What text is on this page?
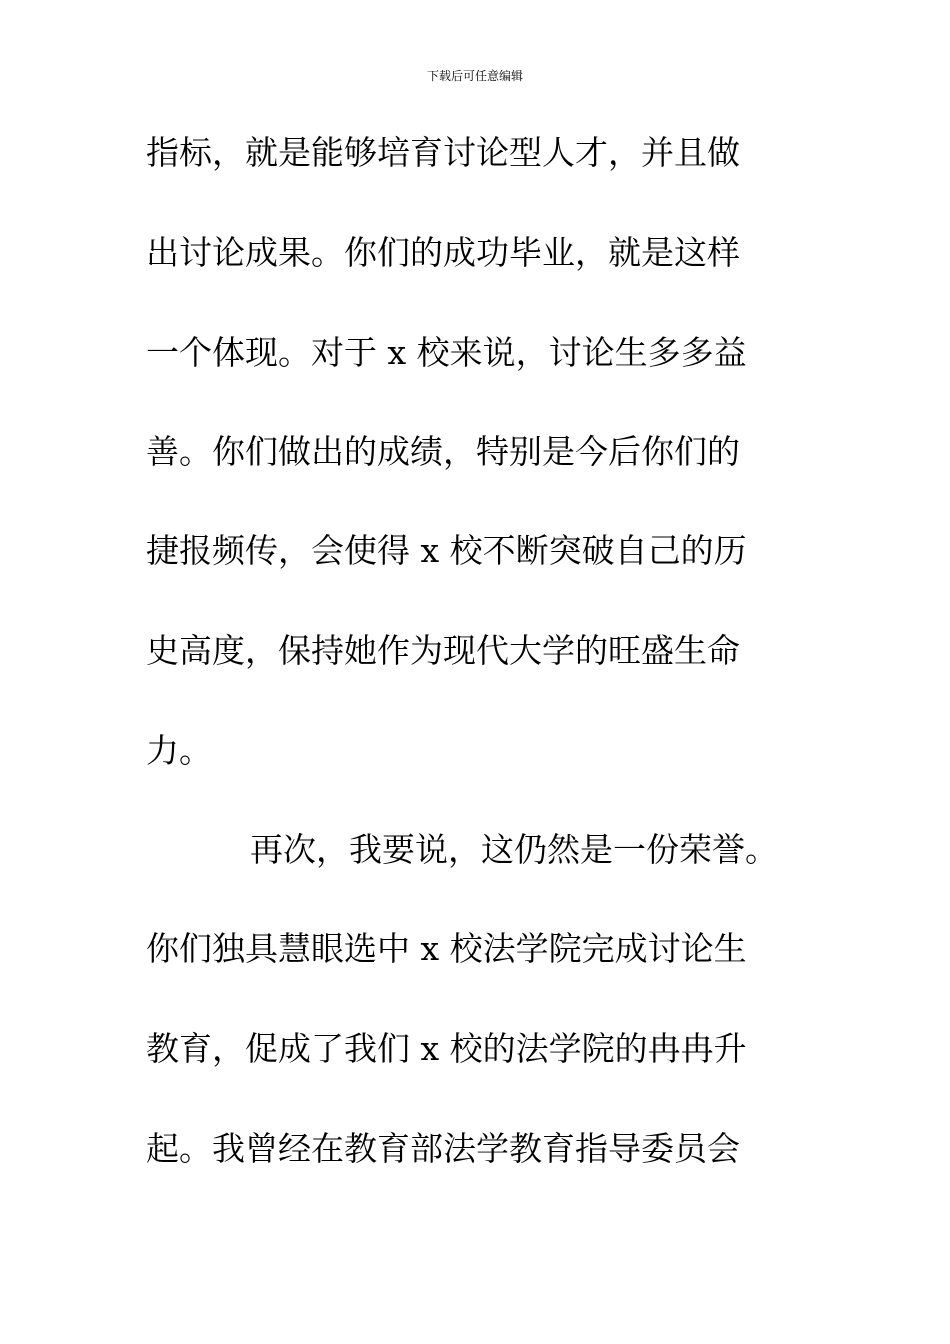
下载后可任意编辑
指标，就是能够培育讨论型人才，并且做
出讨论成果。你们的成功毕业，就是这样
一个体现。对于 x 校来说，讨论生多多益
善。你们做出的成绩，特别是今后你们的
捷报频传，会使得 x 校不断突破自己的历
史高度，保持她作为现代大学的旺盛生命
力。
再次，我要说，这仍然是一份荣誉。
你们独具慧眼选中 x 校法学院完成讨论生
教育，促成了我们 x 校的法学院的冉冉升
起。我曾经在教育部法学教育指导委员会
